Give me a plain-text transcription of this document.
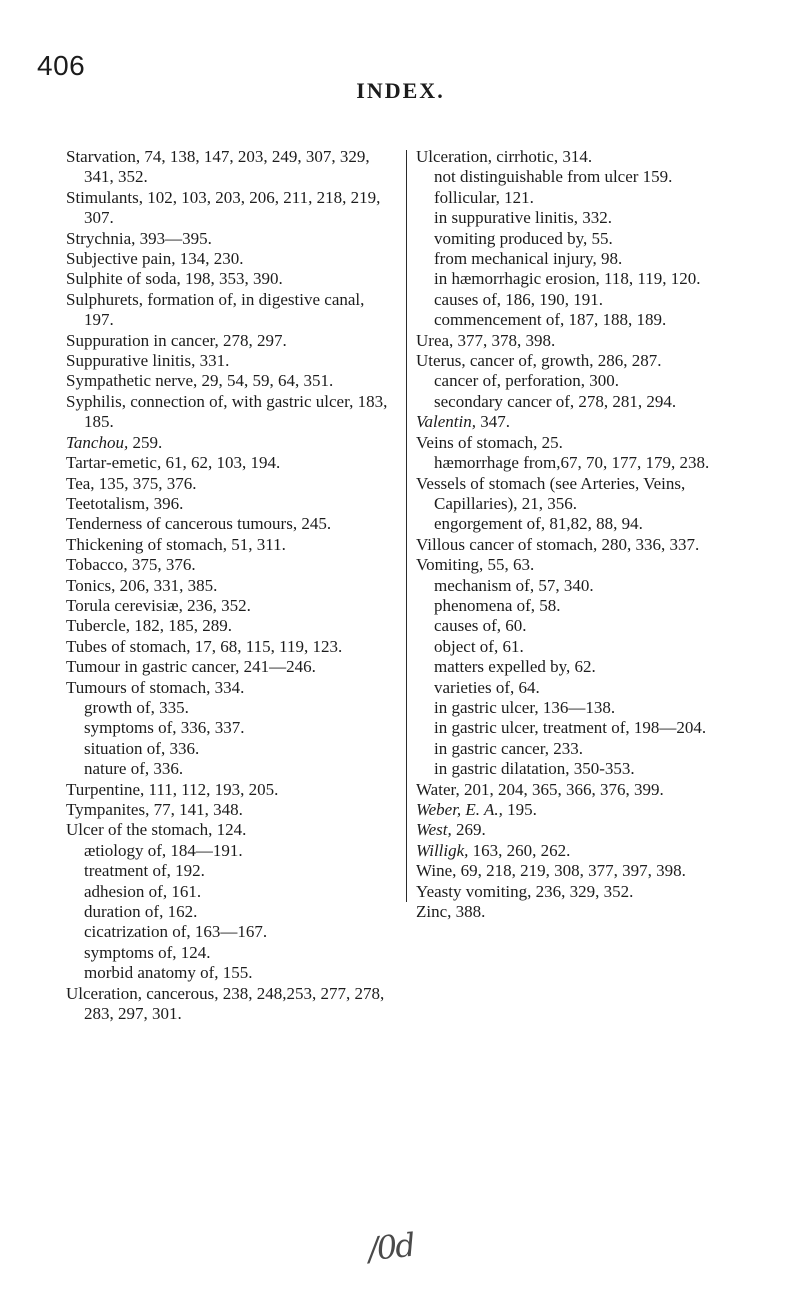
406
INDEX.

Starvation, 74, 138, 147, 203, 249, 307, 329, 341, 352.

Stimulants, 102, 103, 203, 206, 211, 218, 219, 307.

Strychnia, 393—395.

Subjective pain, 134, 230.

Sulphite of soda, 198, 353, 390.

Sulphurets, formation of, in digestive canal, 197.

Suppuration in cancer, 278, 297.

Suppurative linitis, 331.

Sympathetic nerve, 29, 54, 59, 64, 351.

Syphilis, connection of, with gastric ulcer, 183, 185.

Tanchou, 259.

Tartar-emetic, 61, 62, 103, 194.

Tea, 135, 375, 376.

Teetotalism, 396.

Tenderness of cancerous tumours, 245.

Thickening of stomach, 51, 311.

Tobacco, 375, 376.

Tonics, 206, 331, 385.

Torula cerevisiæ, 236, 352.

Tubercle, 182, 185, 289.

Tubes of stomach, 17, 68, 115, 119, 123.

Tumour in gastric cancer, 241—246.

Tumours of stomach, 334.

growth of, 335.

symptoms of, 336, 337.

situation of, 336.

nature of, 336.

Turpentine, 111, 112, 193, 205.

Tympanites, 77, 141, 348.

Ulcer of the stomach, 124.

ætiology of, 184—191.

treatment of, 192.

adhesion of, 161.

duration of, 162.

cicatrization of, 163—167.

symptoms of, 124.

morbid anatomy of, 155.

Ulceration, cancerous, 238, 248,253, 277, 278, 283, 297, 301.

Ulceration, cirrhotic, 314.

not distinguishable from ulcer 159.

follicular, 121.

in suppurative linitis, 332.

vomiting produced by, 55.

from mechanical injury, 98.

in hæmorrhagic erosion, 118, 119, 120.

causes of, 186, 190, 191.

commencement of, 187, 188, 189.

Urea, 377, 378, 398.

Uterus, cancer of, growth, 286, 287.

cancer of, perforation, 300.

secondary cancer of, 278, 281, 294.

Valentin, 347.

Veins of stomach, 25.

hæmorrhage from,67, 70, 177, 179, 238.

Vessels of stomach (see Arteries, Veins, Capillaries), 21, 356.

engorgement of, 81,82, 88, 94.

Villous cancer of stomach, 280, 336, 337.

Vomiting, 55, 63.

mechanism of, 57, 340.

phenomena of, 58.

causes of, 60.

object of, 61.

matters expelled by, 62.

varieties of, 64.

in gastric ulcer, 136—138.

in gastric ulcer, treatment of, 198—204.

in gastric cancer, 233.

in gastric dilatation, 350-353.

Water, 201, 204, 365, 366, 376, 399.

Weber, E. A., 195.

West, 269.

Willigk, 163, 260, 262.

Wine, 69, 218, 219, 308, 377, 397, 398.

Yeasty vomiting, 236, 329, 352.

Zinc, 388.

/0d
